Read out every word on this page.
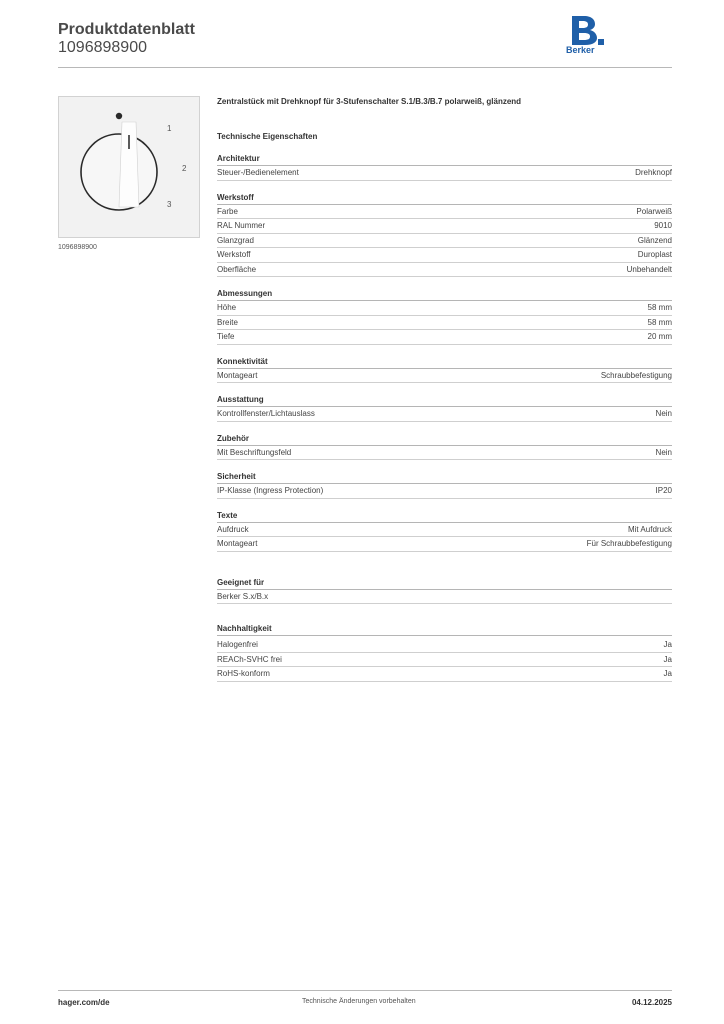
Produktdatenblatt
1096898900	Berker
1
2
3
1096898900
Zentralstück mit Drehknopf für 3-Stufenschalter S.1/B.3/B.7 polarweiß, glänzend
Technische Eigenschaften
Architektur
Steuer-/Bedienelement	Drehknopf
Werkstoff
Farbe	Polarweiß
RAL Nummer	9010
Glanzgrad	Glänzend
Werkstoff	Duroplast
Oberfläche	Unbehandelt
Abmessungen
Höhe	58 mm
Breite	58 mm
Tiefe	20 mm
Konnektivität
Montageart	Schraubbefestigung
Ausstattung
Kontrollfenster/Lichtauslass	Nein
Zubehör
Mit Beschriftungsfeld	Nein
Sicherheit
IP-Klasse (Ingress Protection)	IP20
Texte
Aufdruck	Mit Aufdruck
Montageart	Für Schraubbefestigung
Geeignet für
Berker S.x/B.x
Nachhaltigkeit
Halogenfrei	Ja
REACh-SVHC frei	Ja
RoHS-konform	Ja
hager.com/de	Technische Änderungen vorbehalten	04.12.2025
